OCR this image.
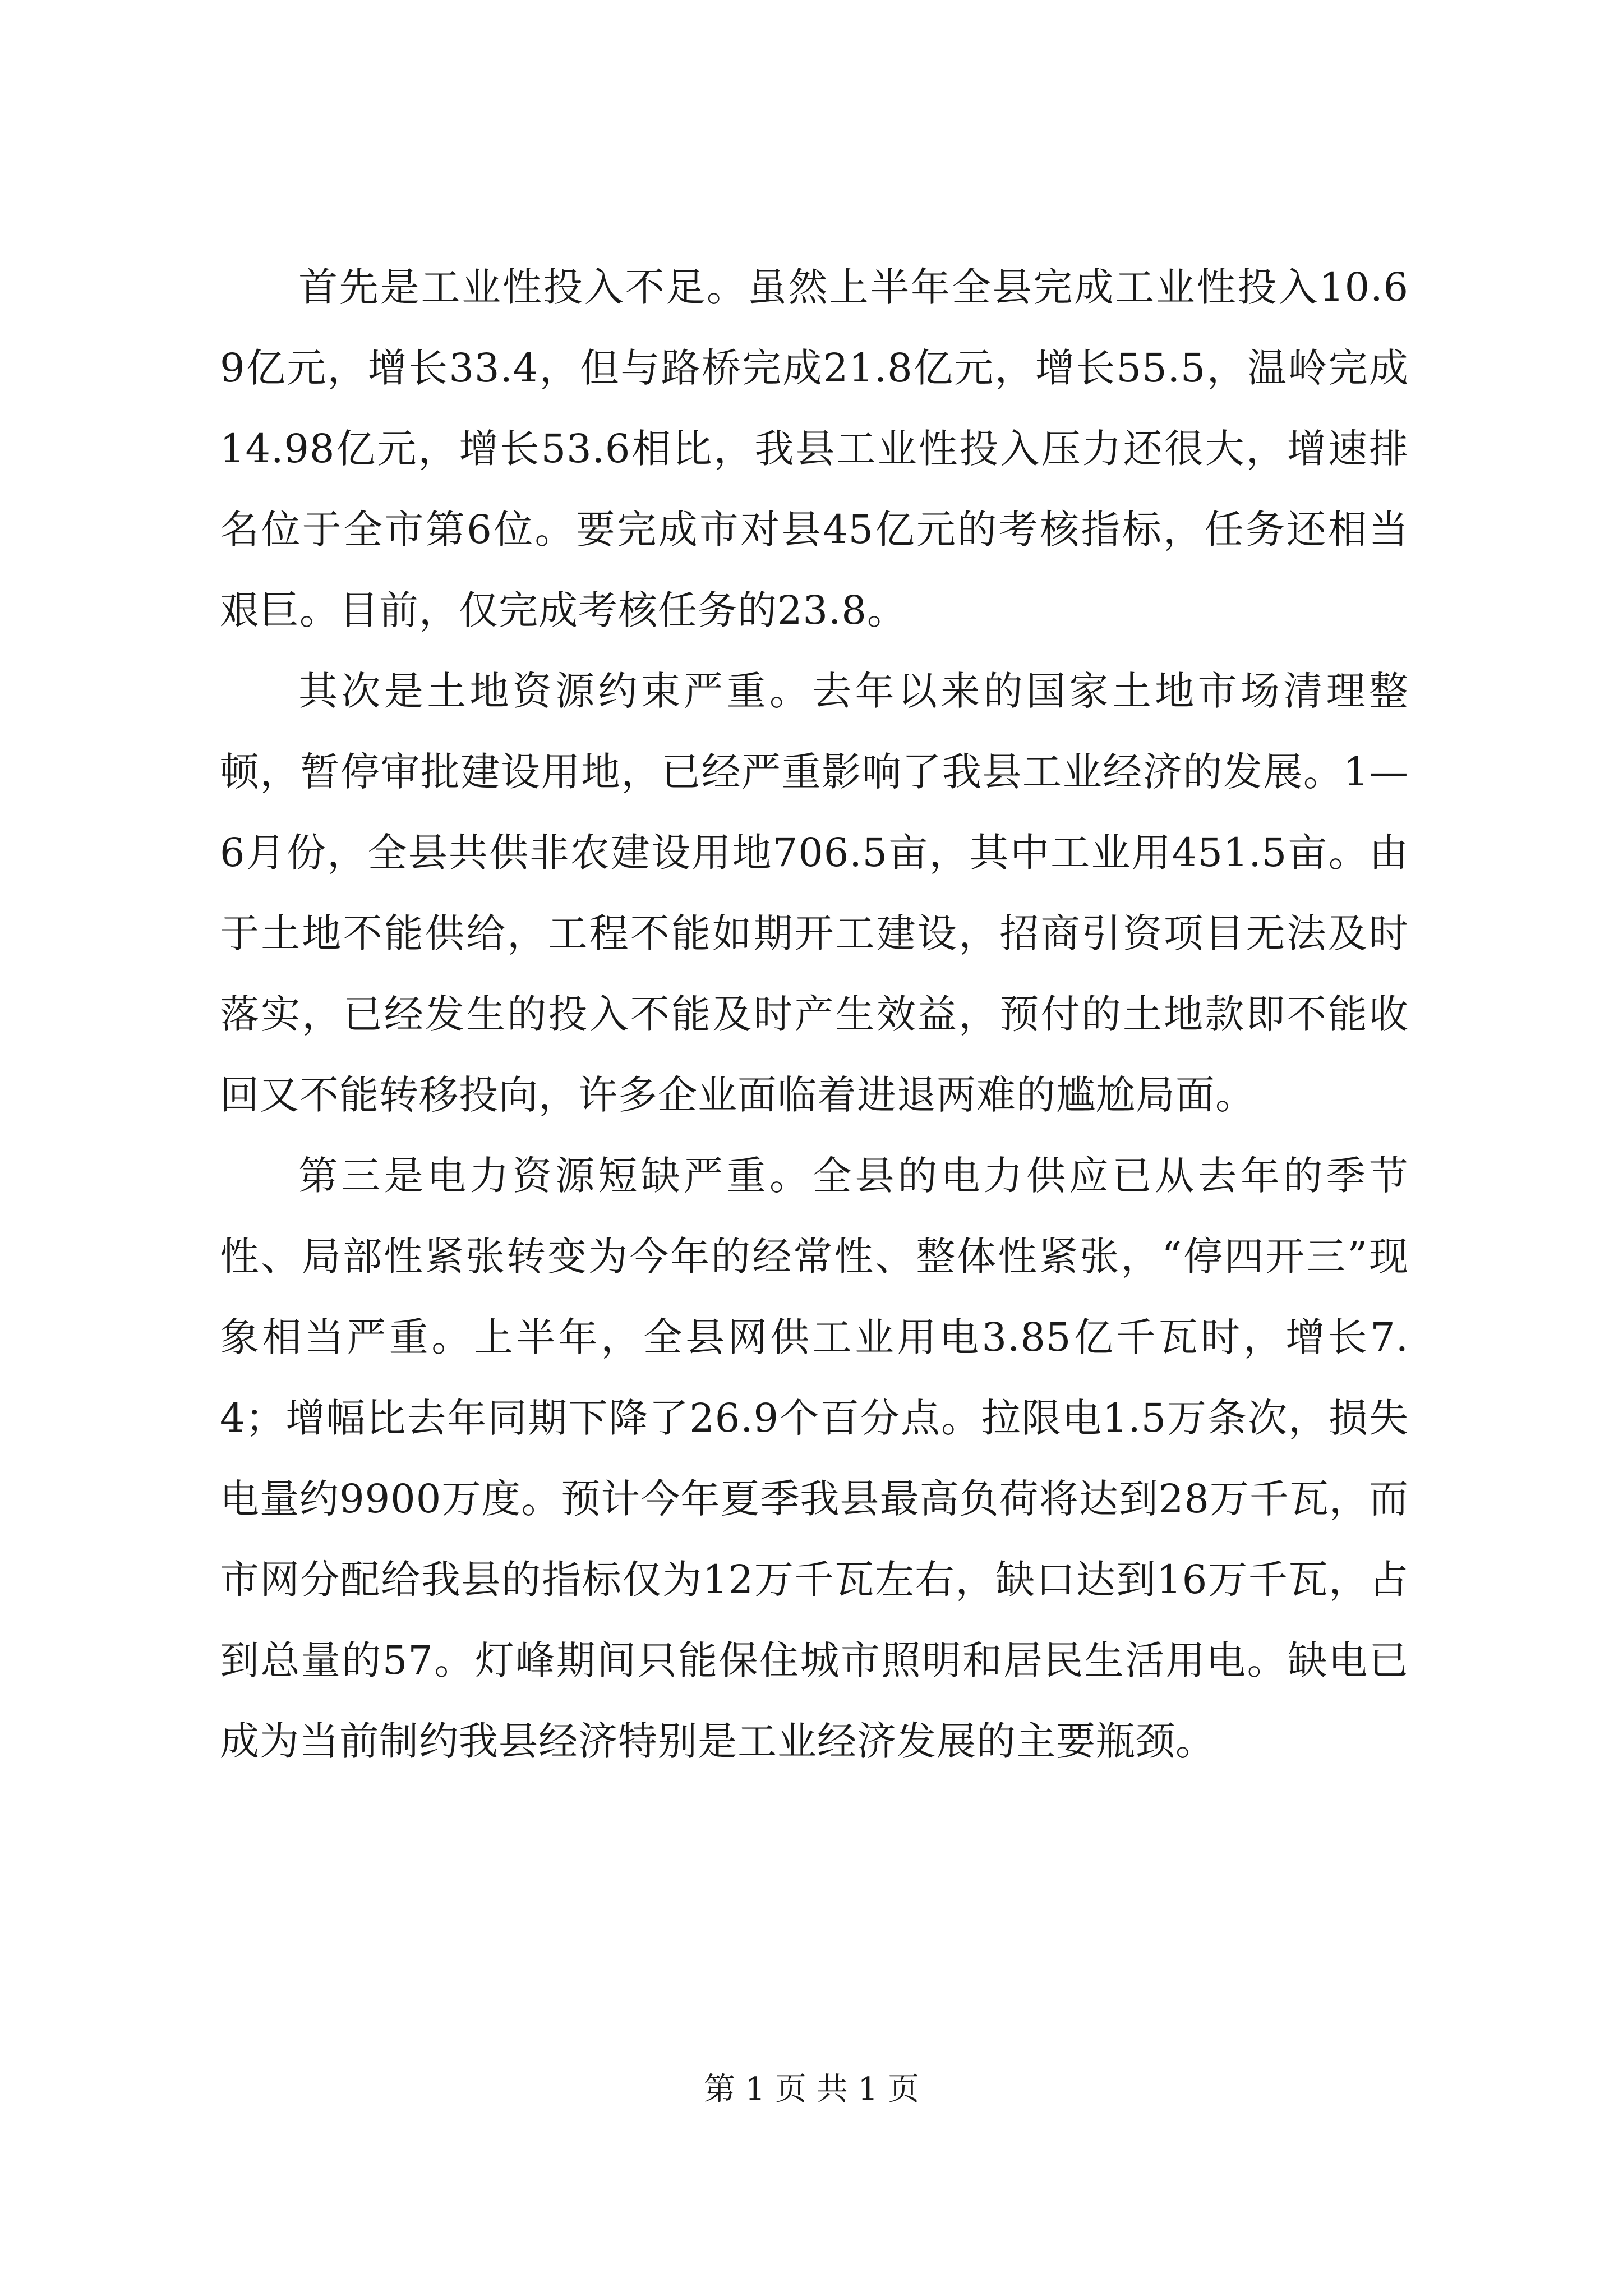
首先是工业性投入不足。虽然上半年全县完成工业性投入10.69亿元，增长33.4，但与路桥完成21.8亿元，增长55.5，温岭完成14.98亿元，增长53.6相比，我县工业性投入压力还很大，增速排名位于全市第6位。要完成市对县45亿元的考核指标，任务还相当艰巨。目前，仅完成考核任务的23.8。

其次是土地资源约束严重。去年以来的国家土地市场清理整顿，暂停审批建设用地，已经严重影响了我县工业经济的发展。1—6月份，全县共供非农建设用地706.5亩，其中工业用451.5亩。由于土地不能供给，工程不能如期开工建设，招商引资项目无法及时落实，已经发生的投入不能及时产生效益，预付的土地款即不能收回又不能转移投向，许多企业面临着进退两难的尴尬局面。

第三是电力资源短缺严重。全县的电力供应已从去年的季节性、局部性紧张转变为今年的经常性、整体性紧张，“停四开三”现象相当严重。上半年，全县网供工业用电3.85亿千瓦时，增长7.4；增幅比去年同期下降了26.9个百分点。拉限电1.5万条次，损失电量约9900万度。预计今年夏季我县最高负荷将达到28万千瓦，而市网分配给我县的指标仅为12万千瓦左右，缺口达到16万千瓦，占到总量的57。灯峰期间只能保住城市照明和居民生活用电。缺电已成为当前制约我县经济特别是工业经济发展的主要瓶颈。

第 1 页 共 1 页
